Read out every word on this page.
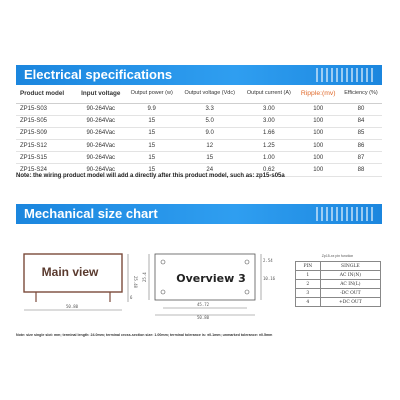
Electrical specifications
Product model	Input voltage	Output power (w)	Output voltage (Vdc)	Output current (A)	Ripple:(mv)	Efficiency (%)
ZP15-S03	90-264Vac	9.9	3.3	3.00	100	80
ZP15-S05	90-264Vac	15	5.0	3.00	100	84
ZP15-S09	90-264Vac	15	9.0	1.66	100	85
ZP15-S12	90-264Vac	15	12	1.25	100	86
ZP15-S15	90-264Vac	15	15	1.00	100	87
ZP15-S24	90-264Vac	15	24	0.62	100	88
Note: the wiring product model will add a directly after this product model, such as: zp15-s05a
Mechanical size chart
25.40
6
50.80
Main view	25.4
2.54
10.16
45.72
50.80
Overview 3
Zp15-xx pin function
PIN	SINGLE
1	AC IN(N)
2	AC IN(L)
3	-DC OUT
4	+DC OUT
Note: size single slot: mm; terminal length: 24.0mm; terminal cross-section size: 1.00mm; terminal tolerance is: ±0.1mm; unmarked tolerance: ±0.5mm
